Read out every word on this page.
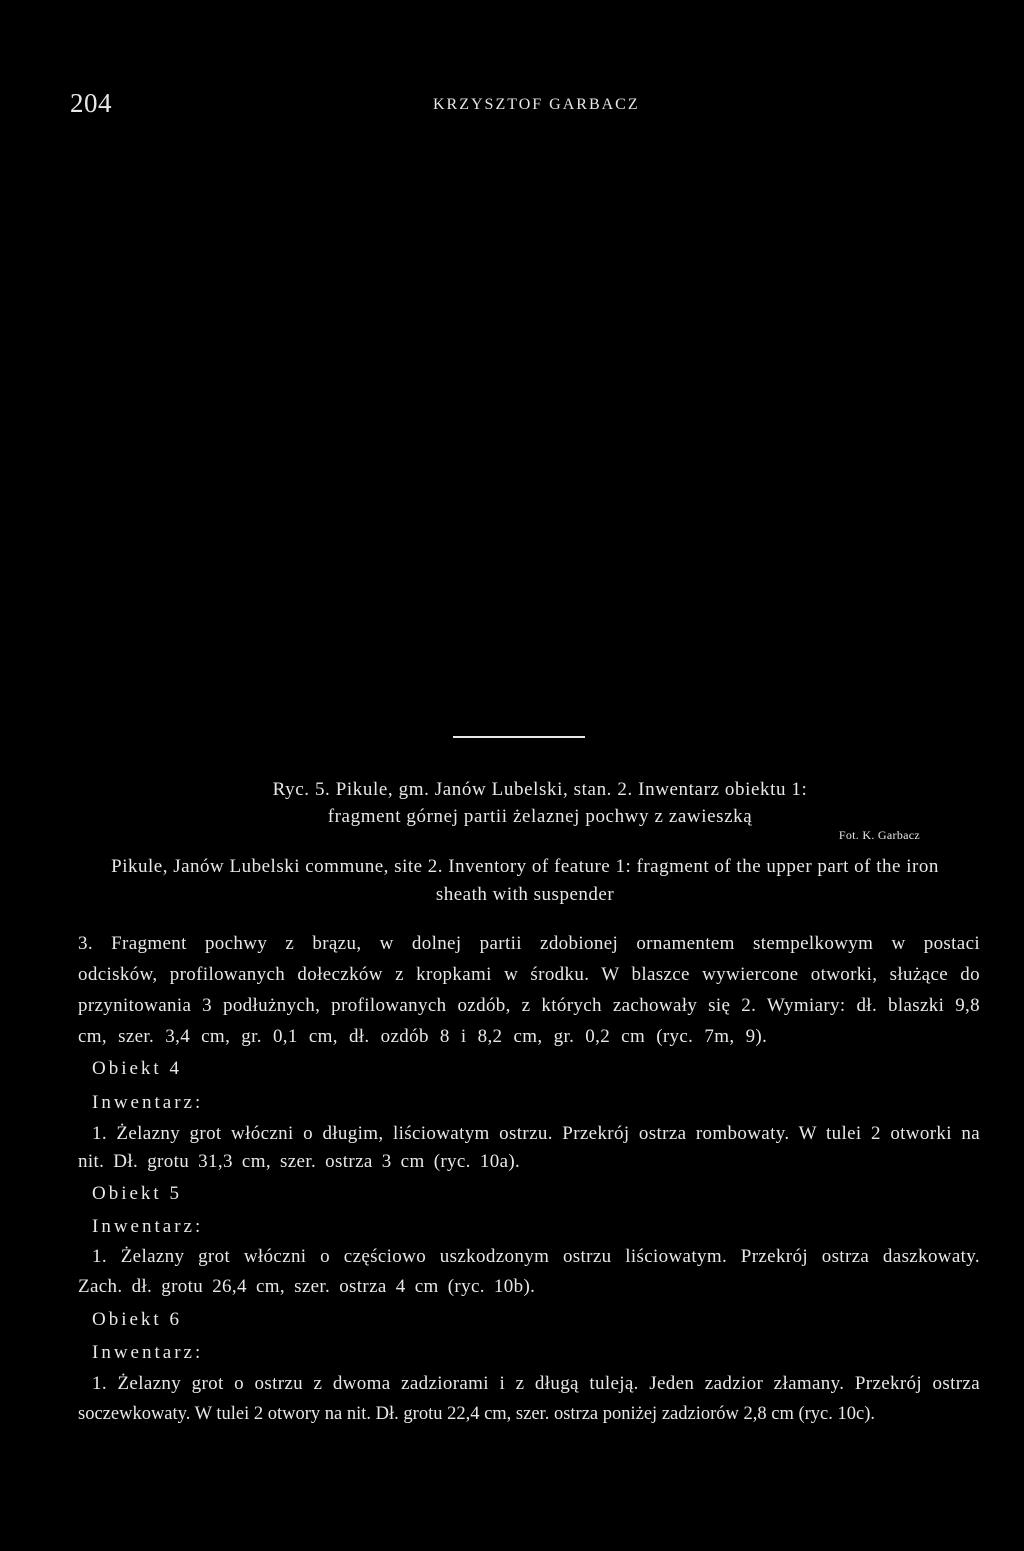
204	KRZYSZTOF GARBACZ
Ryc. 5. Pikule, gm. Janów Lubelski, stan. 2. Inwentarz obiektu 1:
fragment górnej partii żelaznej pochwy z zawieszką
Fot. K. Garbacz
Pikule, Janów Lubelski commune, site 2. Inventory of feature 1: fragment of the upper part of the iron
sheath with suspender
3. Fragment pochwy z brązu, w dolnej partii zdobionej ornamentem stempelkowym w postaci
odcisków, profilowanych dołeczków z kropkami w środku. W blaszce wywiercone otworki, służące do
przynitowania 3 podłużnych, profilowanych ozdób, z których zachowały się 2. Wymiary: dł. blaszki 9,8
cm, szer. 3,4 cm, gr. 0,1 cm, dł. ozdób 8 i 8,2 cm, gr. 0,2 cm (ryc. 7m, 9).
Obiekt 4
Inwentarz:
1. Żelazny grot włóczni o długim, liściowatym ostrzu. Przekrój ostrza rombowaty. W tulei 2 otworki na
nit. Dł. grotu 31,3 cm, szer. ostrza 3 cm (ryc. 10a).
Obiekt 5
Inwentarz:
1. Żelazny grot włóczni o częściowo uszkodzonym ostrzu liściowatym. Przekrój ostrza daszkowaty.
Zach. dł. grotu 26,4 cm, szer. ostrza 4 cm (ryc. 10b).
Obiekt 6
Inwentarz:
1. Żelazny grot o ostrzu z dwoma zadziorami i z długą tuleją. Jeden zadzior złamany. Przekrój ostrza
soczewkowaty. W tulei 2 otwory na nit. Dł. grotu 22,4 cm, szer. ostrza poniżej zadziorów 2,8 cm (ryc. 10c).
